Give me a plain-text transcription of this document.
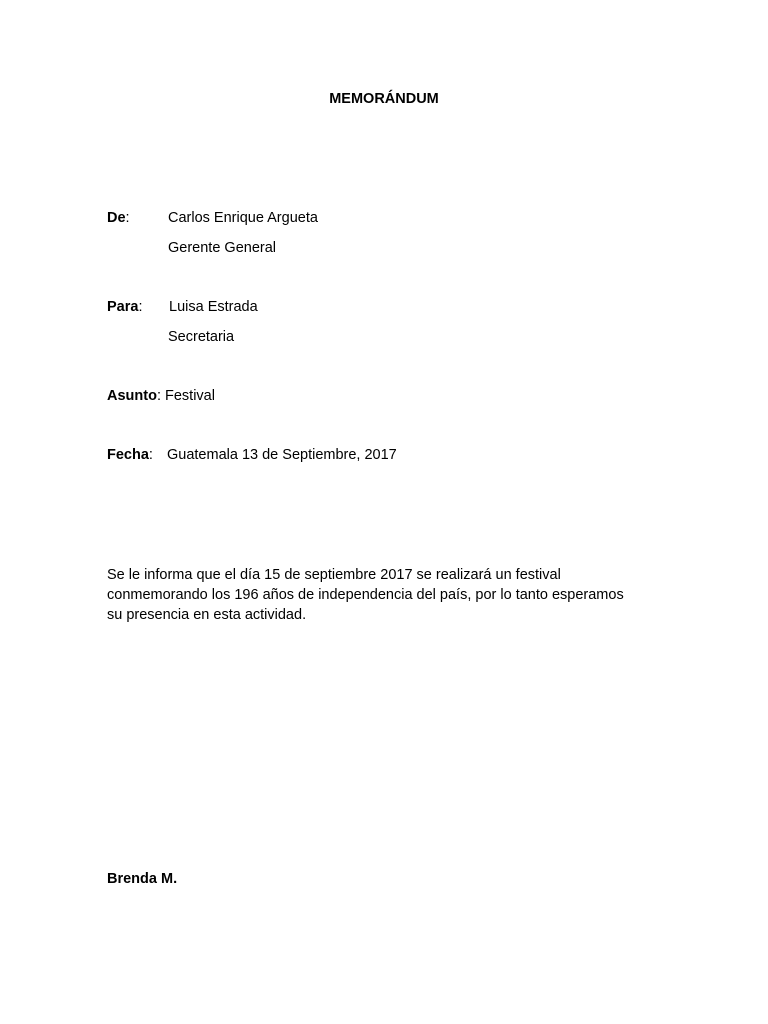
MEMORÁNDUM
De:	Carlos Enrique Argueta
Gerente General
Para: Luisa Estrada
Secretaria
Asunto: Festival
Fecha: Guatemala 13 de Septiembre, 2017
Se le informa que el día 15 de septiembre 2017 se realizará un festival
conmemorando los 196 años de independencia del país, por lo tanto esperamos
su presencia en esta actividad.
Brenda M.
